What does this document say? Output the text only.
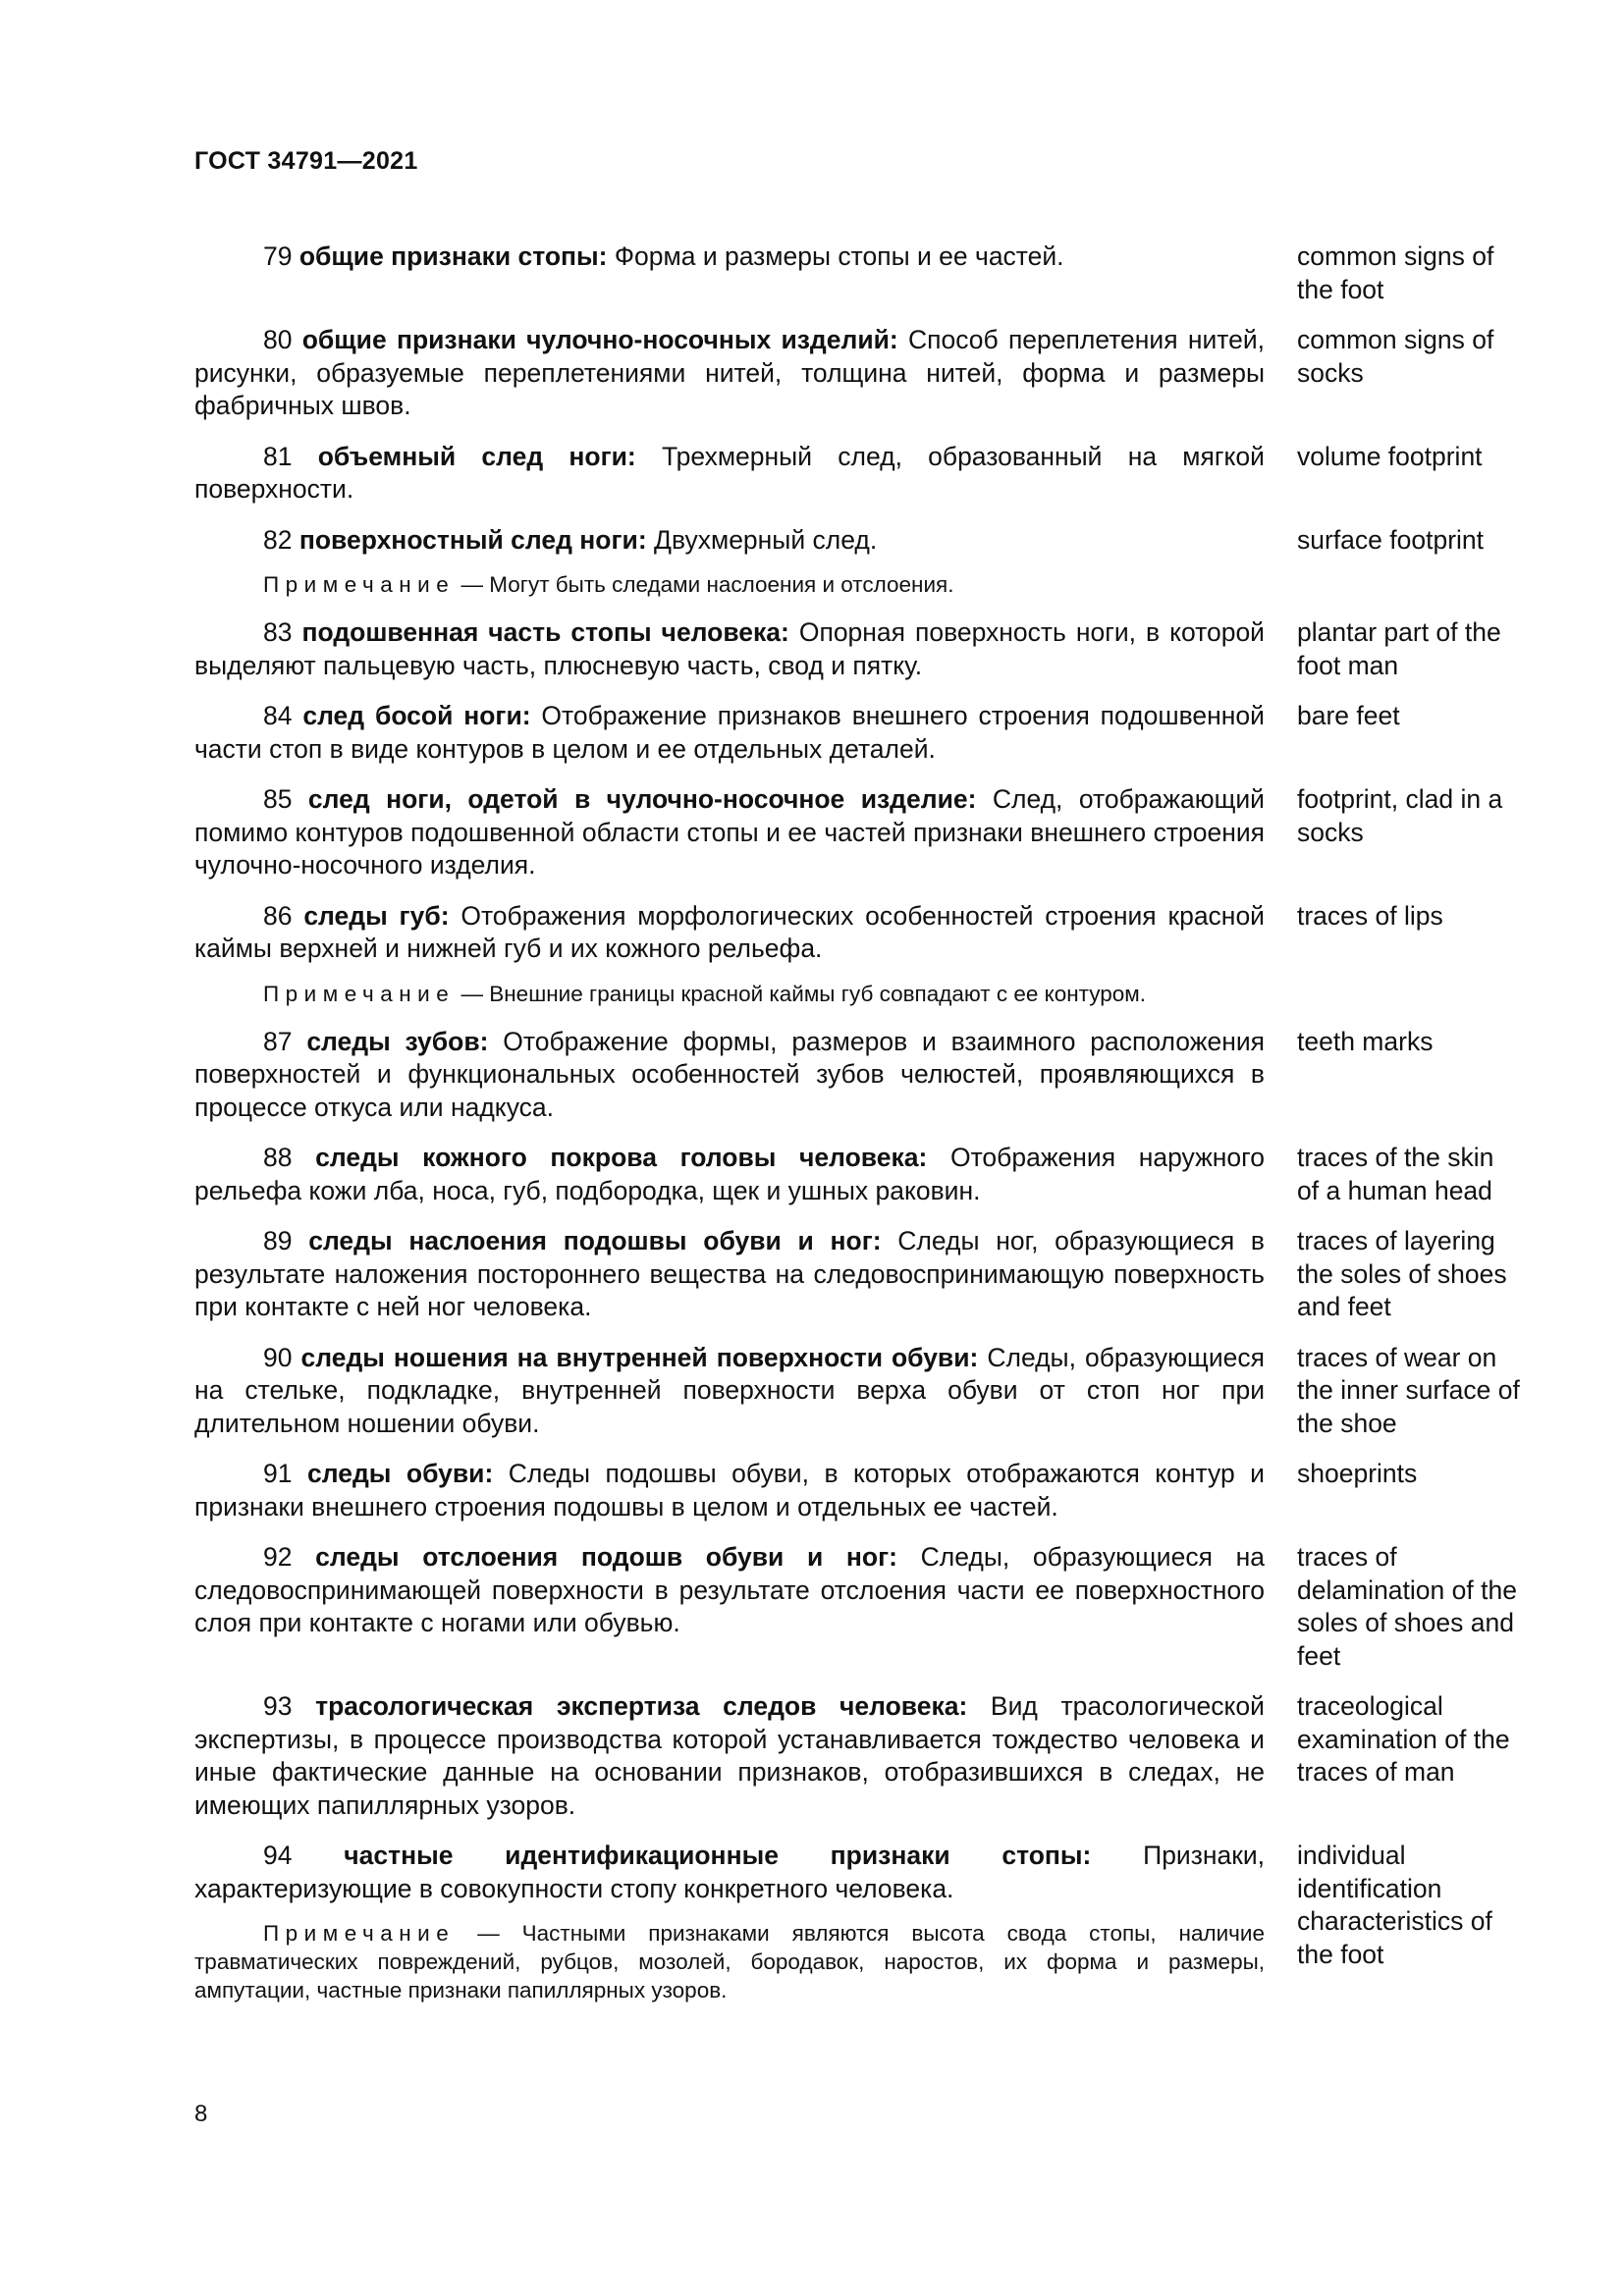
ГОСТ 34791—2021

79 общие признаки стопы: Форма и размеры стопы и ее частей.	common signs of the foot

80 общие признаки чулочно-носочных изделий: Способ переплетения нитей, рисунки, образуемые переплетениями нитей, толщина нитей, форма и размеры фабричных швов.

common signs of socks

81 объемный след ноги: Трехмерный след, образованный на мягкой поверхности.

volume footprint

82 поверхностный след ноги: Двухмерный след.

Примечание — Могут быть следами наслоения и отслоения.

surface footprint

83 подошвенная часть стопы человека: Опорная поверхность ноги, в которой выделяют пальцевую часть, плюсневую часть, свод и пятку.

plantar part of the foot man

84 след босой ноги: Отображение признаков внешнего строения подошвенной части стоп в виде контуров в целом и ее отдельных деталей.

bare feet

85 след ноги, одетой в чулочно-носочное изделие: След, отображающий помимо контуров подошвенной области стопы и ее частей признаки внешнего строения чулочно-носочного изделия.

footprint, clad in a socks

86 следы губ: Отображения морфологических особенностей строения красной каймы верхней и нижней губ и их кожного рельефа.

Примечание — Внешние границы красной каймы губ совпадают с ее контуром.

traces of lips

87 следы зубов: Отображение формы, размеров и взаимного расположения поверхностей и функциональных особенностей зубов челюстей, проявляющихся в процессе откуса или надкуса.

teeth marks

88 следы кожного покрова головы человека: Отображения наружного рельефа кожи лба, носа, губ, подбородка, щек и ушных раковин.

traces of the skin of a human head

89 следы наслоения подошвы обуви и ног: Следы ног, образующиеся в результате наложения постороннего вещества на следовоспринимающую поверхность при контакте с ней ног человека.

traces of layering the soles of shoes and feet

90 следы ношения на внутренней поверхности обуви: Следы, образующиеся на стельке, подкладке, внутренней поверхности верха обуви от стоп ног при длительном ношении обуви.

traces of wear on the inner surface of the shoe

91 следы обуви: Следы подошвы обуви, в которых отображаются контур и признаки внешнего строения подошвы в целом и отдельных ее частей.

shoeprints

92 следы отслоения подошв обуви и ног: Следы, образующиеся на следовоспринимающей поверхности в результате отслоения части ее поверхностного слоя при контакте с ногами или обувью.

traces of delamination of the soles of shoes and feet

93 трасологическая экспертиза следов человека: Вид трасологической экспертизы, в процессе производства которой устанавливается тождество человека и иные фактические данные на основании признаков, отобразившихся в следах, не имеющих папиллярных узоров.

traceological examination of the traces of man

94 частные идентификационные признаки стопы: Признаки, характеризующие в совокупности стопу конкретного человека.

Примечание — Частными признаками являются высота свода стопы, наличие травматических повреждений, рубцов, мозолей, бородавок, наростов, их форма и размеры, ампутации, частные признаки папиллярных узоров.

individual identification characteristics of the foot
8
